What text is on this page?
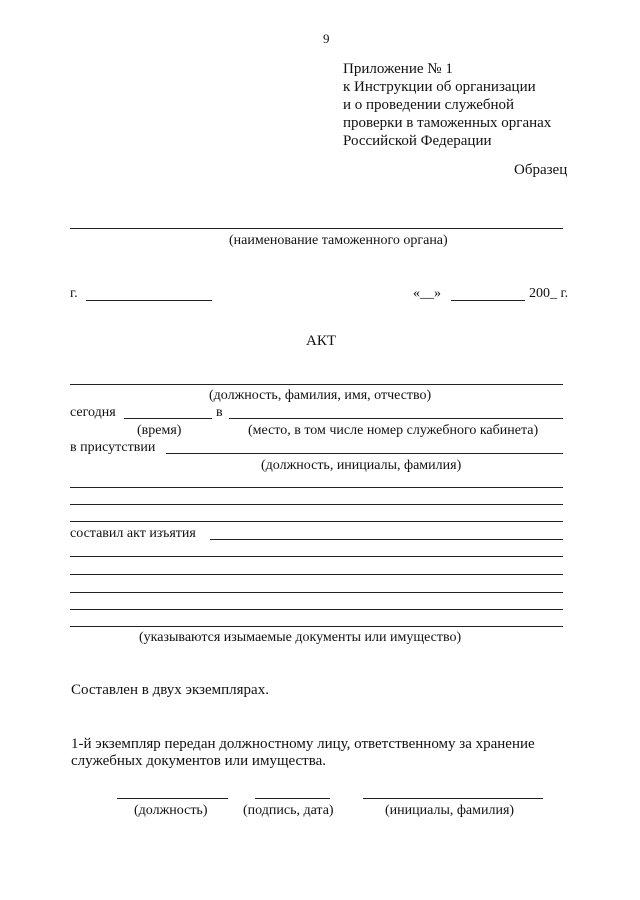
9
Приложение № 1
к Инструкции об организации
и о проведении служебной
проверки в таможенных органах
Российской Федерации
Образец
(наименование таможенного органа)
г.	«__»	200_ г.
АКТ
(должность, фамилия, имя, отчество)
сегодня	в
(время)	(место, в том числе номер служебного кабинета)
в присутствии
(должность, инициалы, фамилия)
составил акт изъятия
(указываются изымаемые документы или имущество)
Составлен в двух экземплярах.
1-й экземпляр передан должностному лицу, ответственному за хранение
служебных документов или имущества.
(должность)	(подпись, дата)	(инициалы, фамилия)
